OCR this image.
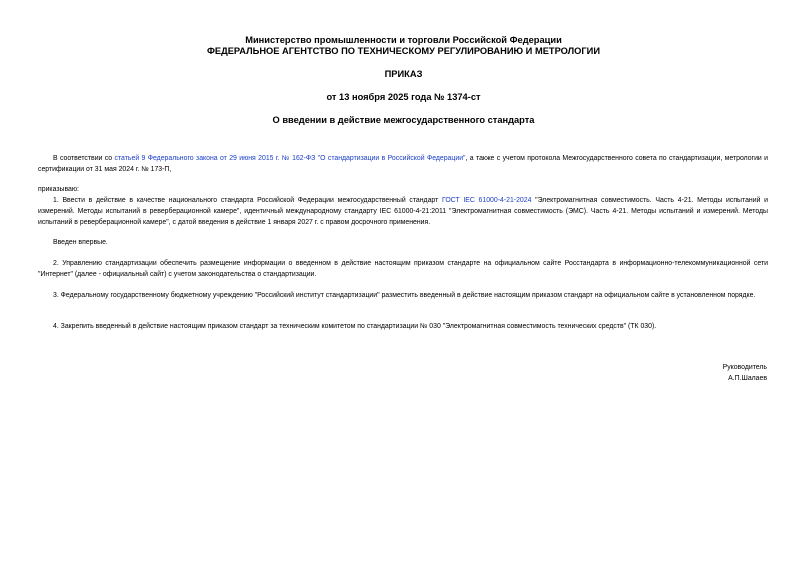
Министерство промышленности и торговли Российской Федерации
ФЕДЕРАЛЬНОЕ АГЕНТСТВО ПО ТЕХНИЧЕСКОМУ РЕГУЛИРОВАНИЮ И МЕТРОЛОГИИ
ПРИКАЗ
от 13 ноября 2025 года № 1374-ст
О введении в действие межгосударственного стандарта
В соответствии со статьей 9 Федерального закона от 29 июня 2015 г. № 162-ФЗ "О стандартизации в Российской Федерации", а также с учетом протокола Межгосударственного совета по стандартизации, метрологии и сертификации от 31 мая 2024 г. № 173-П,
приказываю:
1. Ввести в действие в качестве национального стандарта Российской Федерации межгосударственный стандарт ГОСТ IEC 61000-4-21-2024 "Электромагнитная совместимость. Часть 4-21. Методы испытаний и измерений. Методы испытаний в реверберационной камере", идентичный международному стандарту IEC 61000-4-21:2011 "Электромагнитная совместимость (ЭМС). Часть 4-21. Методы испытаний и измерений. Методы испытаний в реверберационной камере", с датой введения в действие 1 января 2027 г. с правом досрочного применения.
Введен впервые.
2. Управлению стандартизации обеспечить размещение информации о введенном в действие настоящим приказом стандарте на официальном сайте Росстандарта в информационно-телекоммуникационной сети "Интернет" (далее - официальный сайт) с учетом законодательства о стандартизации.
3. Федеральному государственному бюджетному учреждению "Российский институт стандартизации" разместить введенный в действие настоящим приказом стандарт на официальном сайте в установленном порядке.
4. Закрепить введенный в действие настоящим приказом стандарт за техническим комитетом по стандартизации № 030 "Электромагнитная совместимость технических средств" (ТК 030).
Руководитель
А.П.Шалаев
